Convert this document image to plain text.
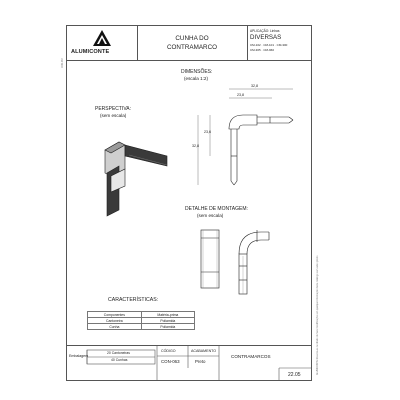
ALUMICONTE
CUNHA DO
CONTRAMARCO
APLICAÇÃO: Linhas
DIVERSAS
CM-102 · CM-101 · CM-300
CM-305 · CM-960
DIMENSÕES:
(escala 1:2)
PERSPECTIVA:
(sem escala)
DETALHE DE MONTAGEM:
(sem escala)
32,8
23,8
23,6
32,8
CARACTERÍSTICAS:
Componentes	Matéria-prima
Cantoneira	Poliamida
Cunha	Poliamida
Embalagem
20 Cantoneiras
40 Cunhas
CÓDIGO
CON-063
ACABAMENTO
Preto
CONTRAMARCOS
22.05
CON-063
ALUMICONTE Reserva-se no direito de fazer modificações em qualquer informação deste catálogo sem aviso prévio.
